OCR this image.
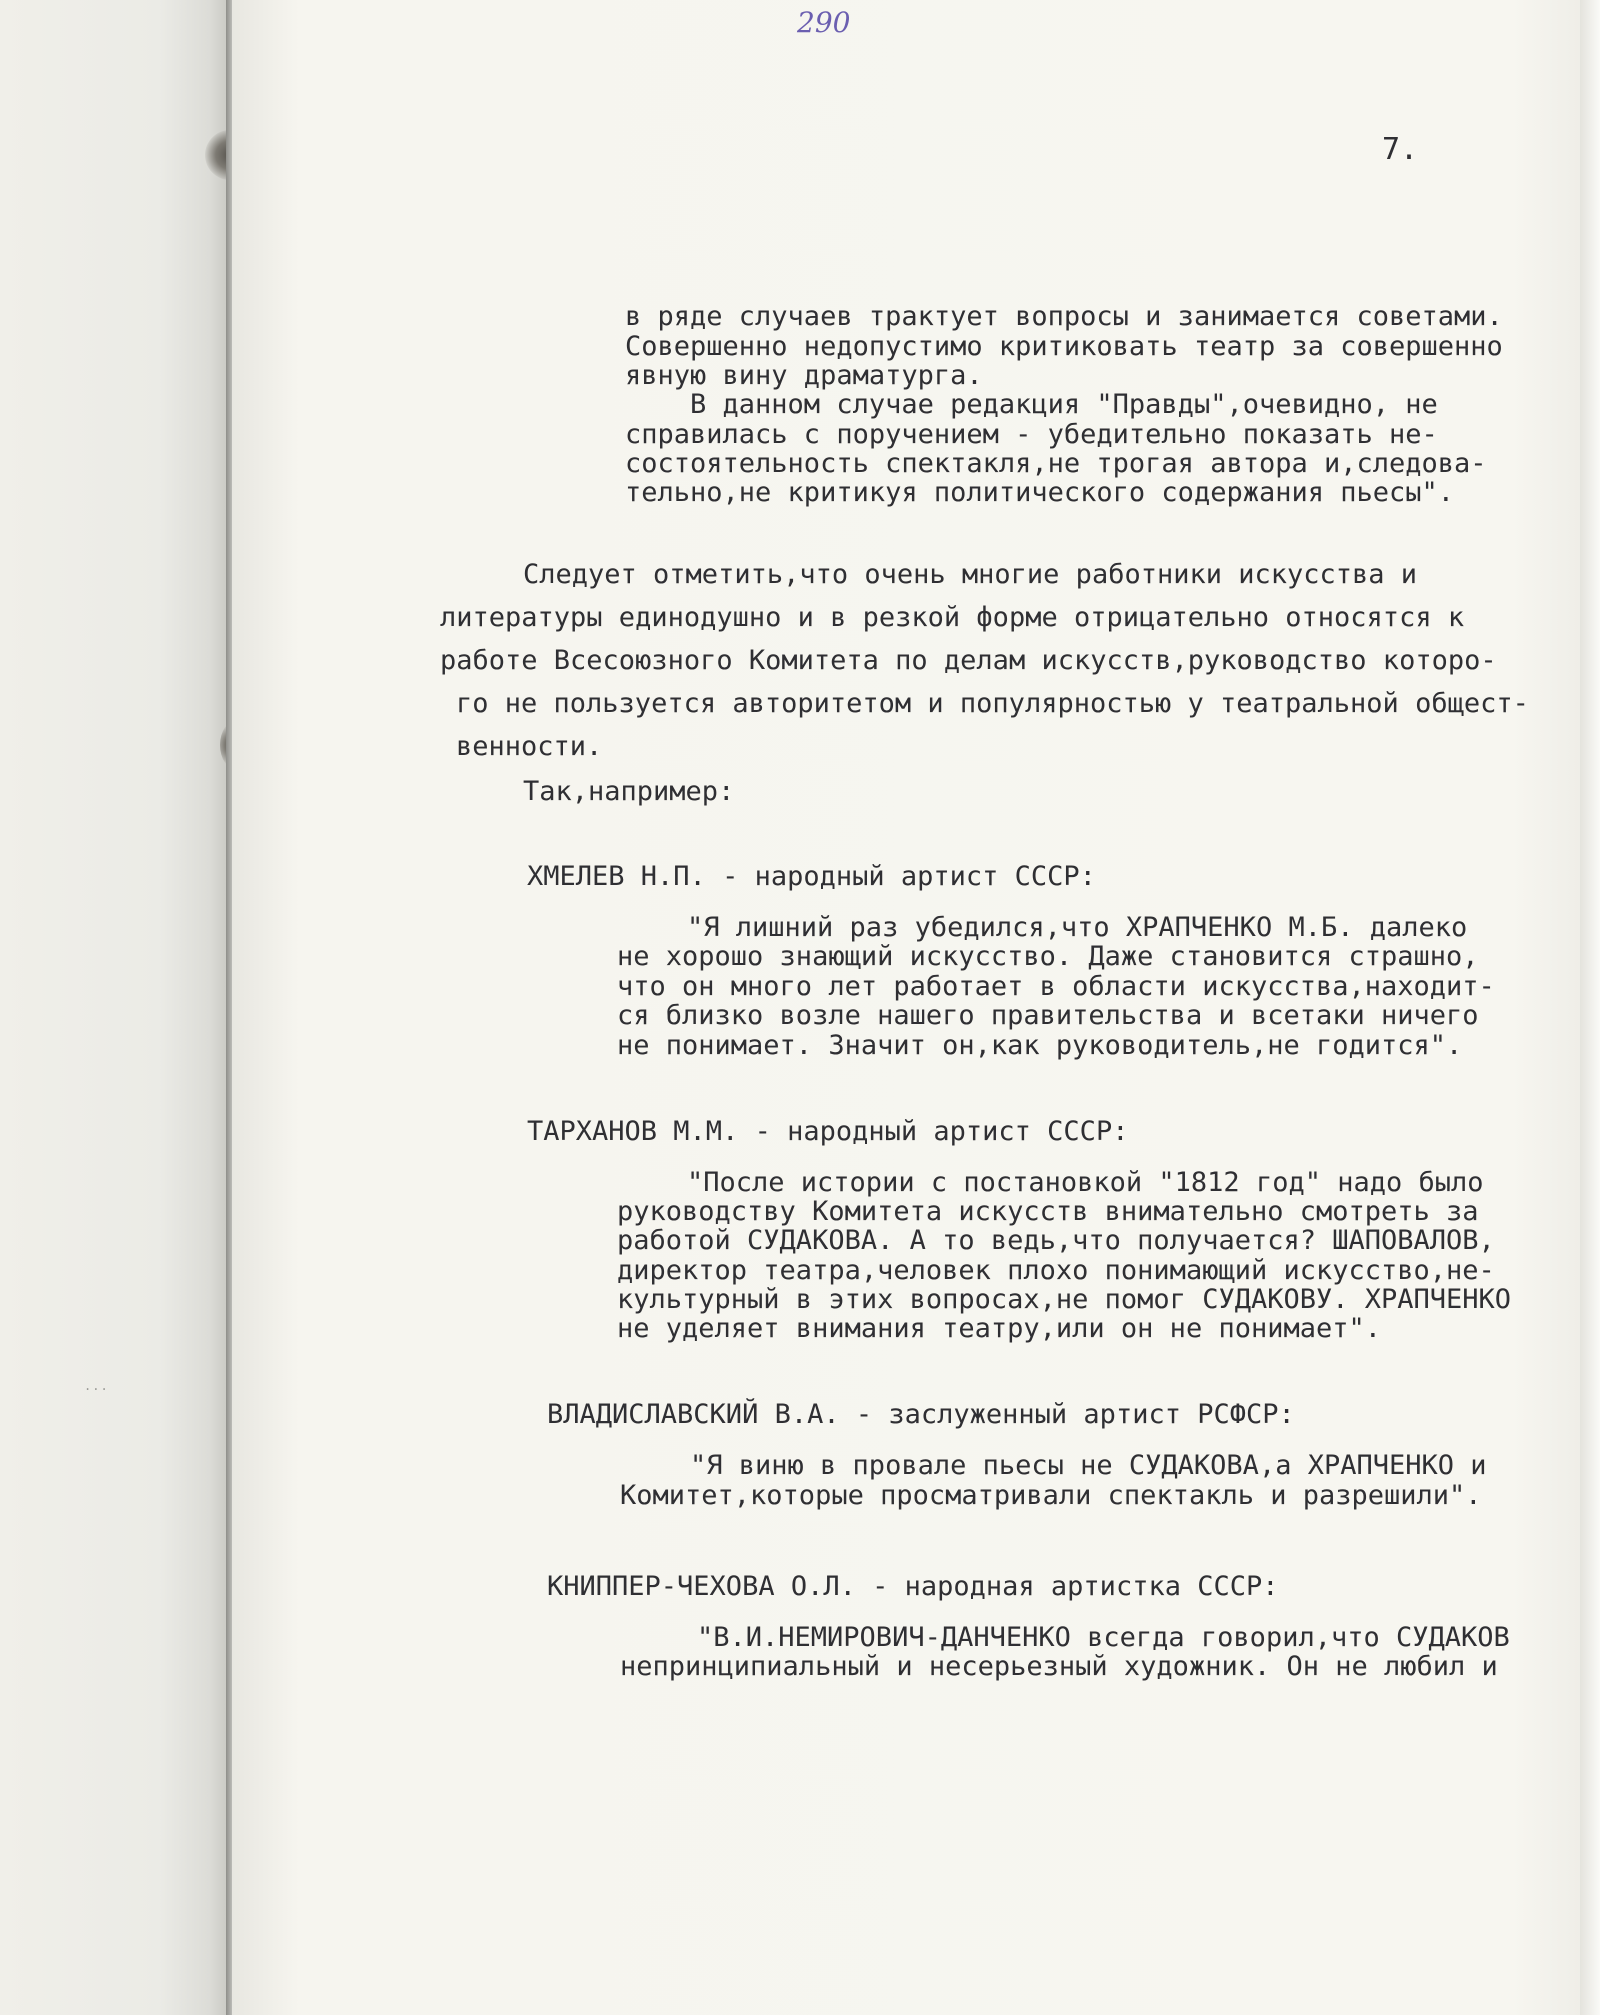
...
290
7.
в ряде случаев трактует вопросы и занимается советами.
Совершенно недопустимо критиковать театр за совершенно
явную вину драматурга.
В данном случае редакция "Правды",очевидно, не
справилась с поручением - убедительно показать не-
состоятельность спектакля,не трогая автора и,следова-
тельно,не критикуя политического содержания пьесы".
Следует отметить,что очень многие работники искусства и
литературы единодушно и в резкой форме отрицательно относятся к
работе Всесоюзного Комитета по делам искусств,руководство которо-
го не пользуется авторитетом и популярностью у театральной общест-
венности.
Так,например:
ХМЕЛЕВ Н.П. - народный артист СССР:
"Я лишний раз убедился,что ХРАПЧЕНКО М.Б. далеко
не хорошо знающий искусство. Даже становится страшно,
что он много лет работает в области искусства,находит-
ся близко возле нашего правительства и всетаки ничего
не понимает. Значит он,как руководитель,не годится".
ТАРХАНОВ М.М. - народный артист СССР:
"После истории с постановкой "1812 год" надо было
руководству Комитета искусств внимательно смотреть за
работой СУДАКОВА. А то ведь,что получается? ШАПОВАЛОВ,
директор театра,человек плохо понимающий искусство,не-
культурный в этих вопросах,не помог СУДАКОВУ. ХРАПЧЕНКО
не уделяет внимания театру,или он не понимает".
ВЛАДИСЛАВСКИЙ В.А. - заслуженный артист РСФСР:
"Я виню в провале пьесы не СУДАКОВА,а ХРАПЧЕНКО и
Комитет,которые просматривали спектакль и разрешили".
КНИППЕР-ЧЕХОВА О.Л. - народная артистка СССР:
"В.И.НЕМИРОВИЧ-ДАНЧЕНКО всегда говорил,что СУДАКОВ
непринципиальный и несерьезный художник. Он не любил и
